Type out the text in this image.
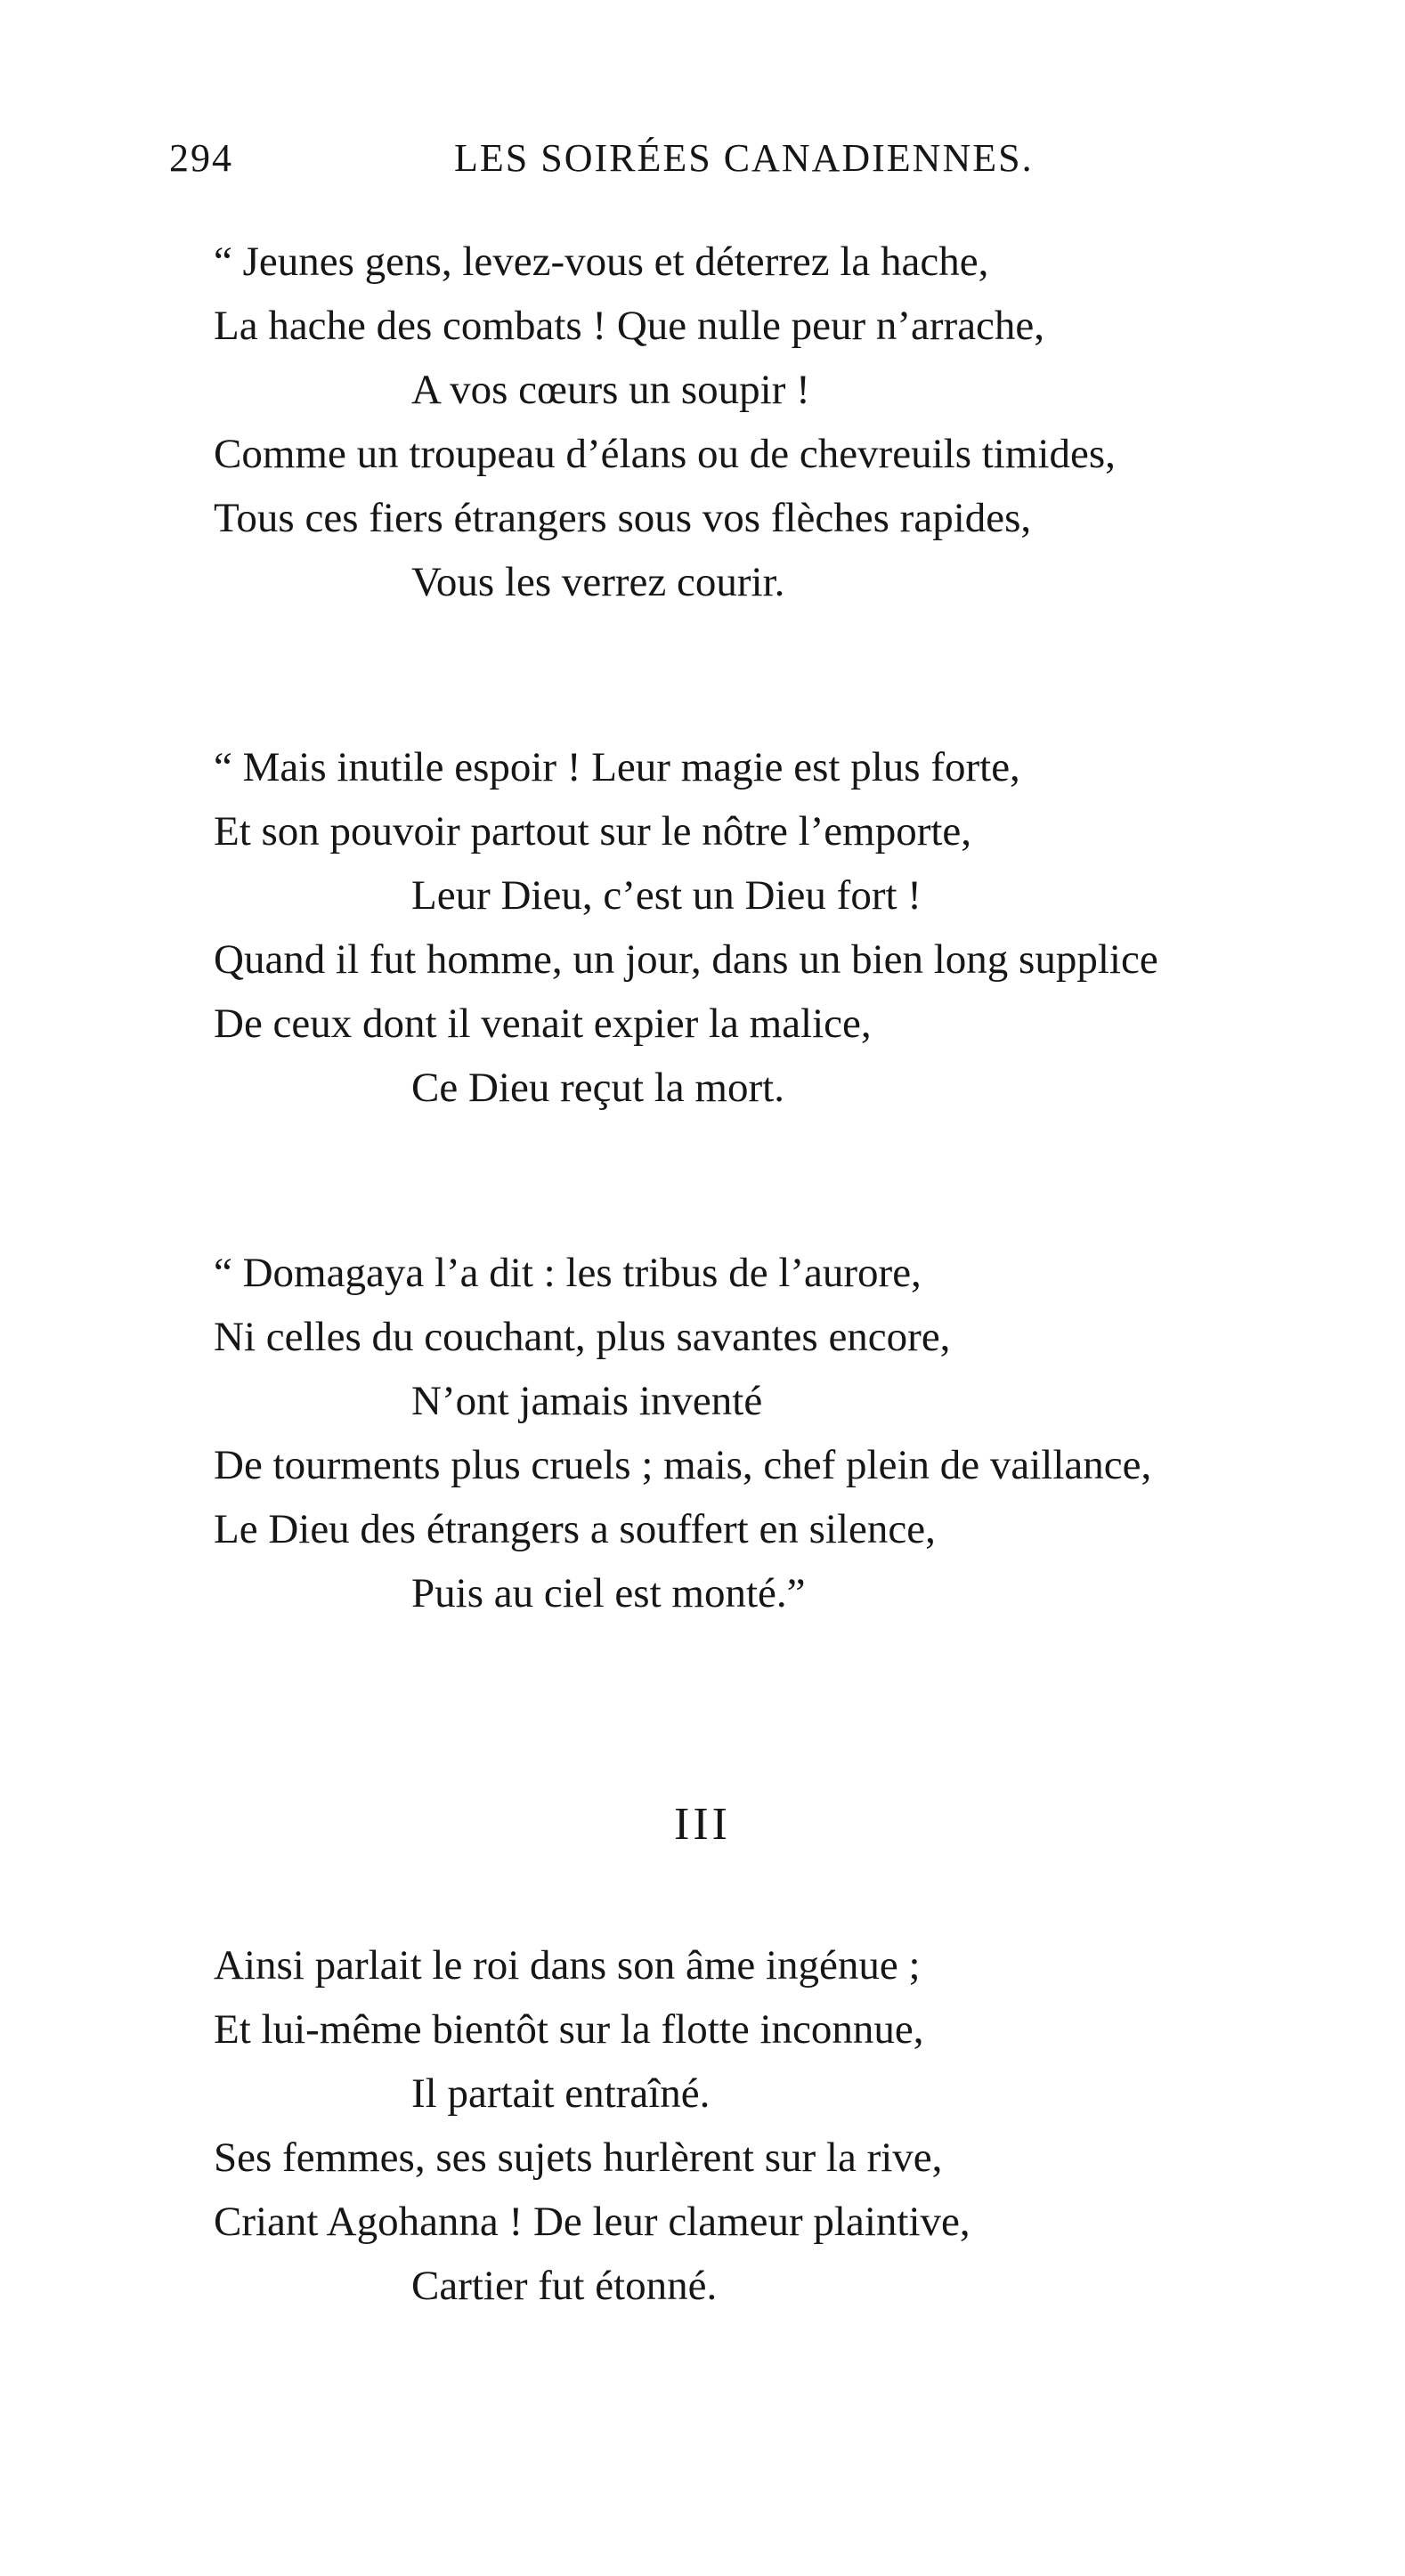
294	LES SOIRÉES CANADIENNES.
“ Jeunes gens, levez-vous et déterrez la hache,
La hache des combats ! Que nulle peur n’arrache,
A vos cœurs un soupir !
Comme un troupeau d’élans ou de chevreuils timides,
Tous ces fiers étrangers sous vos flèches rapides,
Vous les verrez courir.
“ Mais inutile espoir ! Leur magie est plus forte,
Et son pouvoir partout sur le nôtre l’emporte,
Leur Dieu, c’est un Dieu fort !
Quand il fut homme, un jour, dans un bien long supplice
De ceux dont il venait expier la malice,
Ce Dieu reçut la mort.
“ Domagaya l’a dit : les tribus de l’aurore,
Ni celles du couchant, plus savantes encore,
N’ont jamais inventé
De tourments plus cruels ; mais, chef plein de vaillance,
Le Dieu des étrangers a souffert en silence,
Puis au ciel est monté.”
III
Ainsi parlait le roi dans son âme ingénue ;
Et lui-même bientôt sur la flotte inconnue,
Il partait entraîné.
Ses femmes, ses sujets hurlèrent sur la rive,
Criant Agohanna ! De leur clameur plaintive,
Cartier fut étonné.
